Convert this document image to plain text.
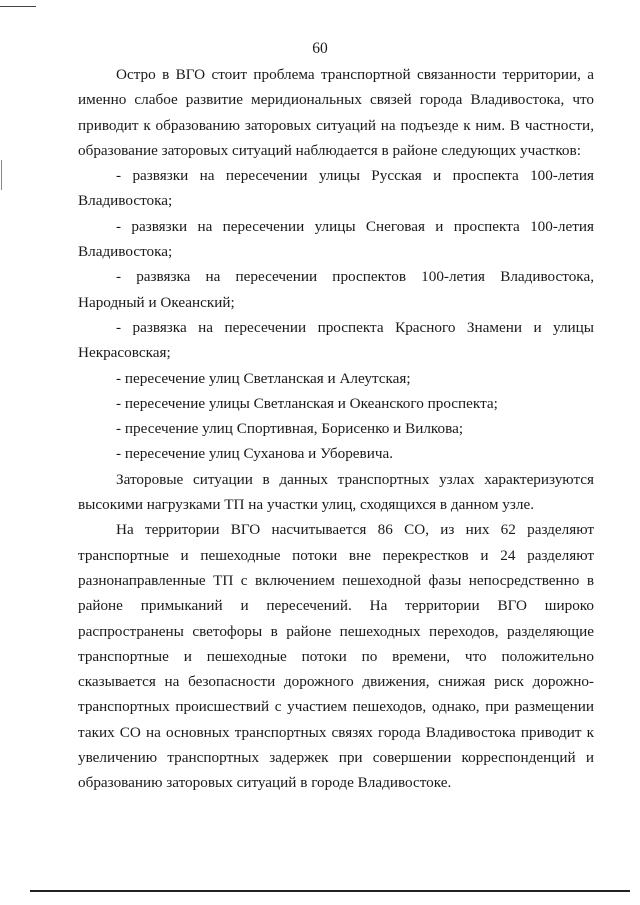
60

Остро в ВГО стоит проблема транспортной связанности территории, а именно слабое развитие меридиональных связей города Владивостока, что приводит к образованию заторовых ситуаций на подъезде к ним. В частности, образование заторовых ситуаций наблюдается в районе следующих участков:

- развязки на пересечении улицы Русская и проспекта 100-летия Владивостока;

- развязки на пересечении улицы Снеговая и проспекта 100-летия Владивостока;

- развязка на пересечении проспектов 100-летия Владивостока, Народный и Океанский;

- развязка на пересечении проспекта Красного Знамени и улицы Некрасовская;

- пересечение улиц Светланская и Алеутская;

- пересечение улицы Светланская и Океанского проспекта;

- пресечение улиц Спортивная, Борисенко и Вилкова;

- пересечение улиц Суханова и Уборевича.

Заторовые ситуации в данных транспортных узлах характеризуются высокими нагрузками ТП на участки улиц, сходящихся в данном узле.

На территории ВГО насчитывается 86 СО, из них 62 разделяют транспортные и пешеходные потоки вне перекрестков и 24 разделяют разнонаправленные ТП с включением пешеходной фазы непосредственно в районе примыканий и пересечений. На территории ВГО широко распространены светофоры в районе пешеходных переходов, разделяющие транспортные и пешеходные потоки по времени, что положительно сказывается на безопасности дорожного движения, снижая риск дорожно-транспортных происшествий с участием пешеходов, однако, при размещении таких СО на основных транспортных связях города Владивостока приводит к увеличению транспортных задержек при совершении корреспонденций и образованию заторовых ситуаций в городе Владивостоке.
